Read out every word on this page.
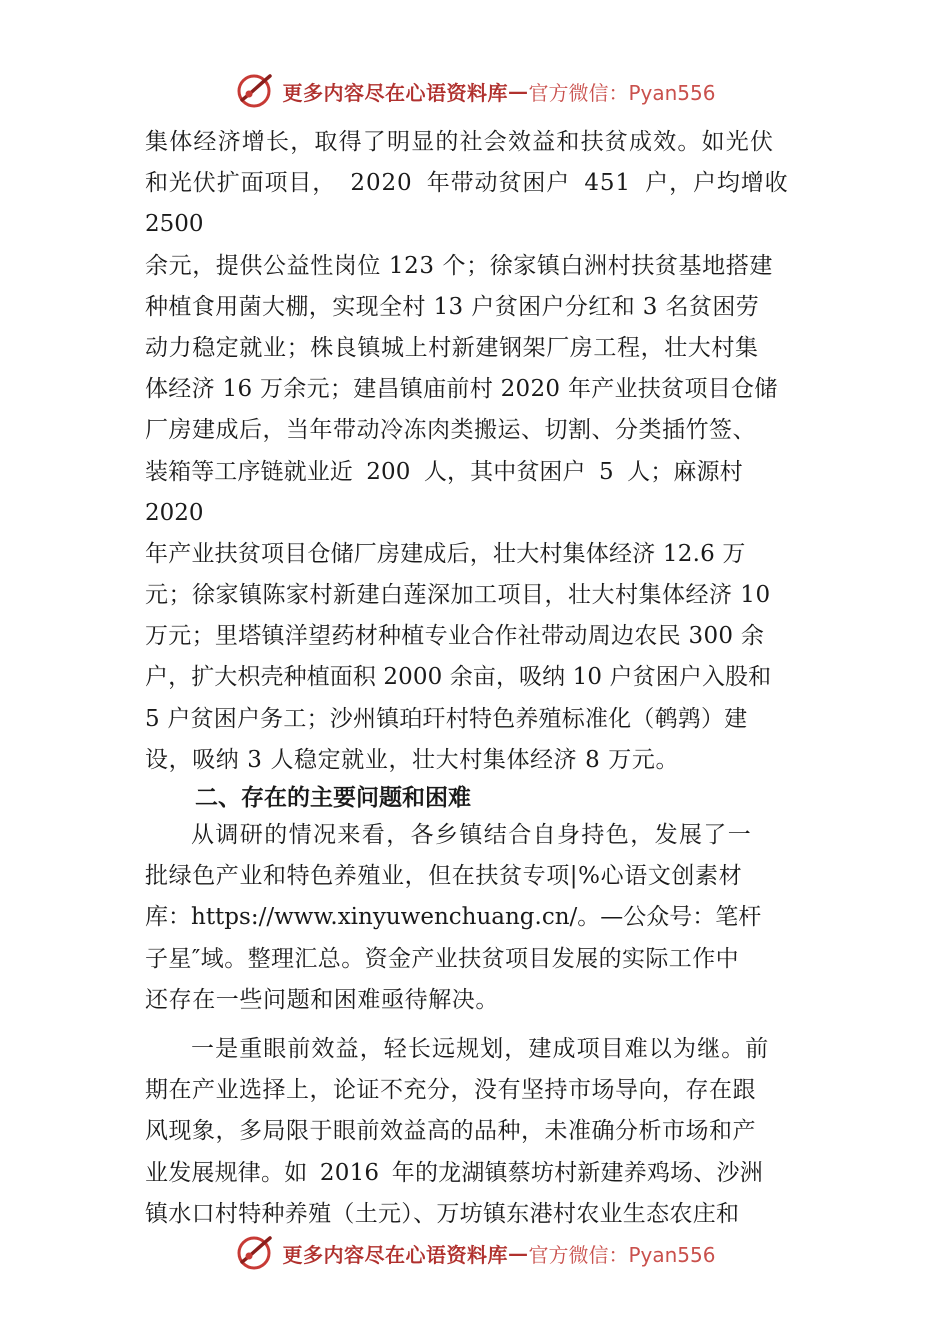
更多内容尽在心语资料库 — 官方微信：Pyan556
集体经济增长，取得了明显的社会效益和扶贫成效。如光伏
和光伏扩面项目， 2020 年带动贫困户 451 户，户均增收
2500
余元，提供公益性岗位 123 个；徐家镇白洲村扶贫基地搭建
种植食用菌大棚，实现全村 13 户贫困户分红和 3 名贫困劳
动力稳定就业；株良镇城上村新建钢架厂房工程，壮大村集
体经济 16 万余元；建昌镇庙前村 2020 年产业扶贫项目仓储
厂房建成后，当年带动冷冻肉类搬运、切割、分类插竹签、
装箱等工序链就业近 200 人，其中贫困户 5 人；麻源村
2020
年产业扶贫项目仓储厂房建成后，壮大村集体经济 12.6 万
元；徐家镇陈家村新建白莲深加工项目，壮大村集体经济 10
万元；里塔镇洋望药材种植专业合作社带动周边农民 300 余
户，扩大枳壳种植面积 2000 余亩，吸纳 10 户贫困户入股和
5 户贫困户务工；沙州镇珀玕村特色养殖标准化（鹌鹑）建
设，吸纳 3 人稳定就业，壮大村集体经济 8 万元。
二、存在的主要问题和困难
从调研的情况来看，各乡镇结合自身持色，发展了一
批绿色产业和特色养殖业，但在扶贫专项|%心语文创素材
库：https://www.xinyuwenchuang.cn/。—公众号：笔杆
子星″域。整理汇总。资金产业扶贫项目发展的实际工作中
还存在一些问题和困难亟待解决。
一是重眼前效益，轻长远规划，建成项目难以为继。前
期在产业选择上，论证不充分，没有坚持市场导向，存在跟
风现象，多局限于眼前效益高的品种，未准确分析市场和产
业发展规律。如 2016 年的龙湖镇蔡坊村新建养鸡场、沙洲
镇水口村特种养殖（土元）、万坊镇东港村农业生态农庄和
更多内容尽在心语资料库 — 官方微信：Pyan556
